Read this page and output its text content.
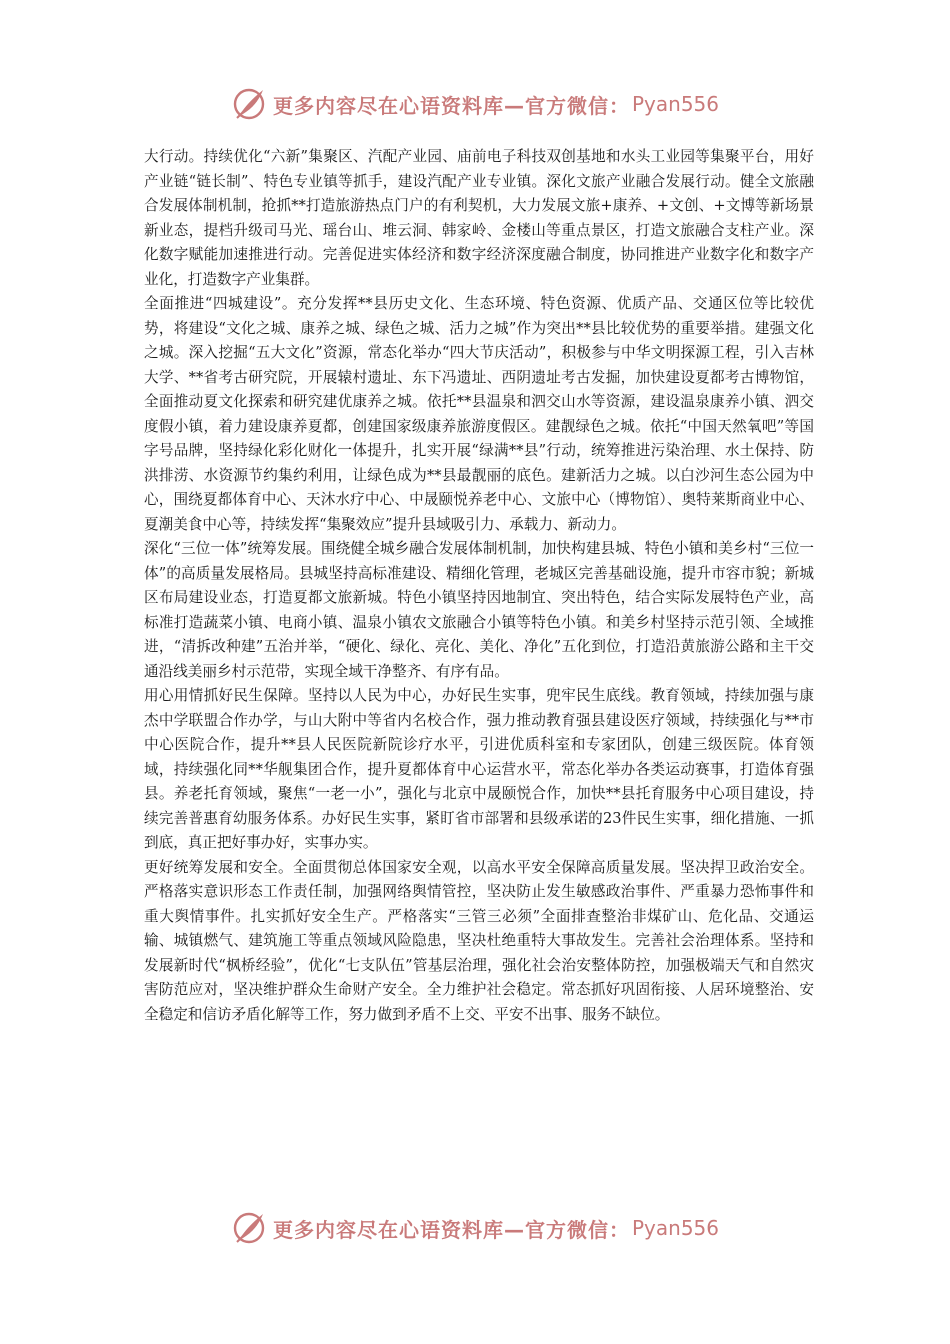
更多内容尽在心语资料库—官方微信： Pyan556

大行动。持续优化“六新”集聚区、汽配产业园、庙前电子科技双创基地和水头工业园等集聚平台，用好产业链“链长制”、特色专业镇等抓手，建设汽配产业专业镇。深化文旅产业融合发展行动。健全文旅融合发展体制机制，抢抓**打造旅游热点门户的有利契机，大力发展文旅+康养、+文创、+文博等新场景新业态，提档升级司马光、瑶台山、堆云洞、韩家岭、金楼山等重点景区，打造文旅融合支柱产业。深化数字赋能加速推进行动。完善促进实体经济和数字经济深度融合制度，协同推进产业数字化和数字产业化，打造数字产业集群。

全面推进“四城建设”。充分发挥**县历史文化、生态环境、特色资源、优质产品、交通区位等比较优势，将建设“文化之城、康养之城、绿色之城、活力之城”作为突出**县比较优势的重要举措。建强文化之城。深入挖掘“五大文化”资源，常态化举办“四大节庆活动”，积极参与中华文明探源工程，引入吉林大学、**省考古研究院，开展辕村遗址、东下冯遗址、西阴遗址考古发掘，加快建设夏都考古博物馆，全面推动夏文化探索和研究建优康养之城。依托**县温泉和泗交山水等资源，建设温泉康养小镇、泗交度假小镇，着力建设康养夏都，创建国家级康养旅游度假区。建靓绿色之城。依托“中国天然氧吧”等国字号品牌，坚持绿化彩化财化一体提升，扎实开展“绿满**县”行动，统筹推进污染治理、水土保持、防洪排涝、水资源节约集约利用，让绿色成为**县最靓丽的底色。建新活力之城。以白沙河生态公园为中心，围绕夏都体育中心、天沐水疗中心、中晟颐悦养老中心、文旅中心（博物馆）、奥特莱斯商业中心、夏潮美食中心等，持续发挥“集聚效应”提升县域吸引力、承载力、新动力。

深化“三位一体”统筹发展。围绕健全城乡融合发展体制机制，加快构建县城、特色小镇和美乡村“三位一体”的高质量发展格局。县城坚持高标准建设、精细化管理，老城区完善基础设施，提升市容市貌；新城区布局建设业态，打造夏都文旅新城。特色小镇坚持因地制宜、突出特色，结合实际发展特色产业，高标准打造蔬菜小镇、电商小镇、温泉小镇农文旅融合小镇等特色小镇。和美乡村坚持示范引领、全域推进，“清拆改种建”五治并举，“硬化、绿化、亮化、美化、净化”五化到位，打造沿黄旅游公路和主干交通沿线美丽乡村示范带，实现全域干净整齐、有序有品。

用心用情抓好民生保障。坚持以人民为中心，办好民生实事，兜牢民生底线。教育领域，持续加强与康杰中学联盟合作办学，与山大附中等省内名校合作，强力推动教育强县建设医疗领域，持续强化与**市中心医院合作，提升**县人民医院新院诊疗水平，引进优质科室和专家团队，创建三级医院。体育领域，持续强化同**华舰集团合作，提升夏都体育中心运营水平，常态化举办各类运动赛事，打造体育强县。养老托育领域，聚焦“一老一小”，强化与北京中晟颐悦合作，加快**县托育服务中心项目建设，持续完善普惠育幼服务体系。办好民生实事，紧盯省市部署和县级承诺的23件民生实事，细化措施、一抓到底，真正把好事办好，实事办实。

更好统筹发展和安全。全面贯彻总体国家安全观，以高水平安全保障高质量发展。坚决捍卫政治安全。严格落实意识形态工作责任制，加强网络舆情管控，坚决防止发生敏感政治事件、严重暴力恐怖事件和重大舆情事件。扎实抓好安全生产。严格落实“三管三必须”全面排查整治非煤矿山、危化品、交通运输、城镇燃气、建筑施工等重点领域风险隐患，坚决杜绝重特大事故发生。完善社会治理体系。坚持和发展新时代“枫桥经验”，优化“七支队伍”管基层治理，强化社会治安整体防控，加强极端天气和自然灾害防范应对，坚决维护群众生命财产安全。全力维护社会稳定。常态抓好巩固衔接、人居环境整治、安全稳定和信访矛盾化解等工作，努力做到矛盾不上交、平安不出事、服务不缺位。

更多内容尽在心语资料库—官方微信： Pyan556
